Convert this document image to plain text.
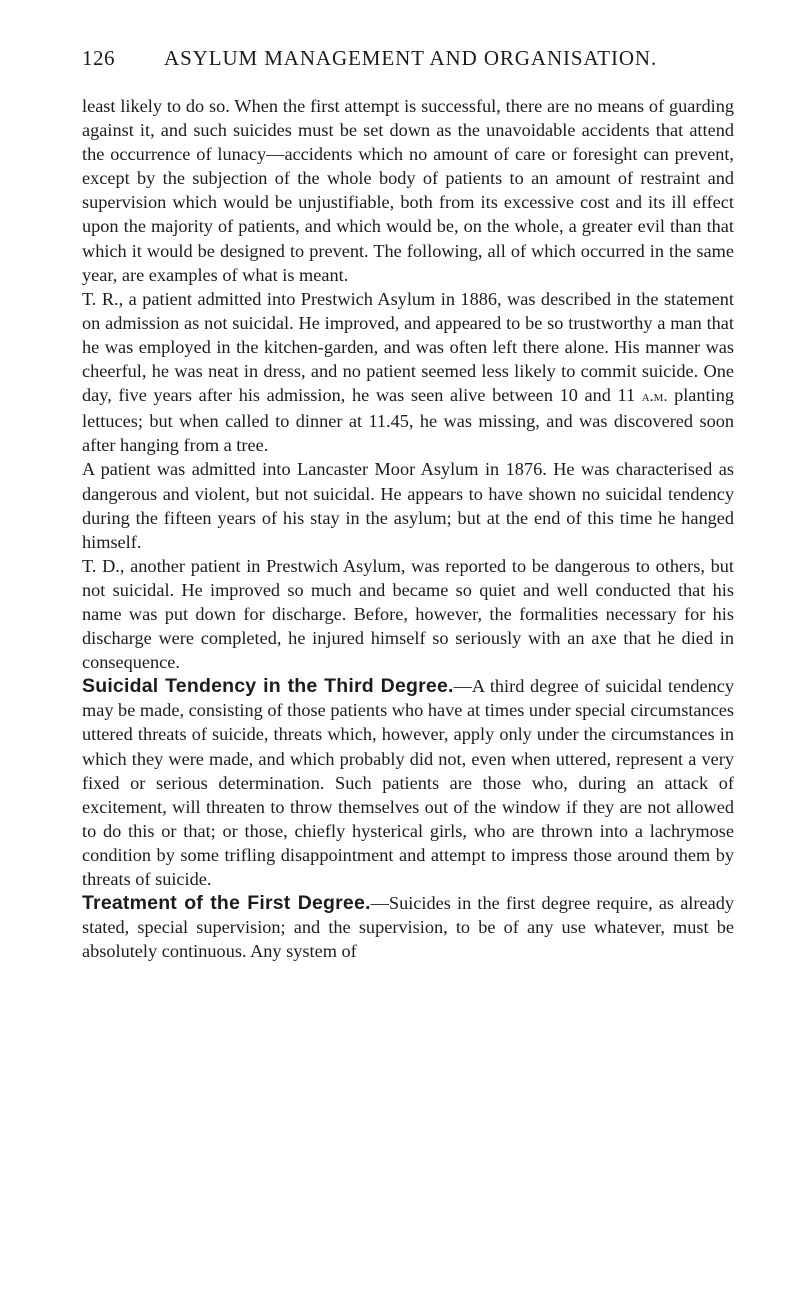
126 ASYLUM MANAGEMENT AND ORGANISATION.

least likely to do so. When the first attempt is successful, there are no means of guarding against it, and such suicides must be set down as the unavoidable accidents that attend the occurrence of lunacy—accidents which no amount of care or foresight can prevent, except by the subjection of the whole body of patients to an amount of restraint and supervision which would be unjustifiable, both from its excessive cost and its ill effect upon the majority of patients, and which would be, on the whole, a greater evil than that which it would be designed to prevent. The following, all of which occurred in the same year, are examples of what is meant.

T. R., a patient admitted into Prestwich Asylum in 1886, was described in the statement on admission as not suicidal. He improved, and appeared to be so trustworthy a man that he was employed in the kitchen-garden, and was often left there alone. His manner was cheerful, he was neat in dress, and no patient seemed less likely to commit suicide. One day, five years after his admission, he was seen alive between 10 and 11 a.m. planting lettuces; but when called to dinner at 11.45, he was missing, and was discovered soon after hanging from a tree.

A patient was admitted into Lancaster Moor Asylum in 1876. He was characterised as dangerous and violent, but not suicidal. He appears to have shown no suicidal tendency during the fifteen years of his stay in the asylum; but at the end of this time he hanged himself.

T. D., another patient in Prestwich Asylum, was reported to be dangerous to others, but not suicidal. He improved so much and became so quiet and well conducted that his name was put down for discharge. Before, however, the formalities necessary for his discharge were completed, he injured himself so seriously with an axe that he died in consequence.

Suicidal Tendency in the Third Degree.—A third degree of suicidal tendency may be made, consisting of those patients who have at times under special circumstances uttered threats of suicide, threats which, however, apply only under the circumstances in which they were made, and which probably did not, even when uttered, represent a very fixed or serious determination. Such patients are those who, during an attack of excitement, will threaten to throw themselves out of the window if they are not allowed to do this or that; or those, chiefly hysterical girls, who are thrown into a lachrymose condition by some trifling disappointment and attempt to impress those around them by threats of suicide.

Treatment of the First Degree.—Suicides in the first degree require, as already stated, special supervision; and the supervision, to be of any use whatever, must be absolutely continuous. Any system of
